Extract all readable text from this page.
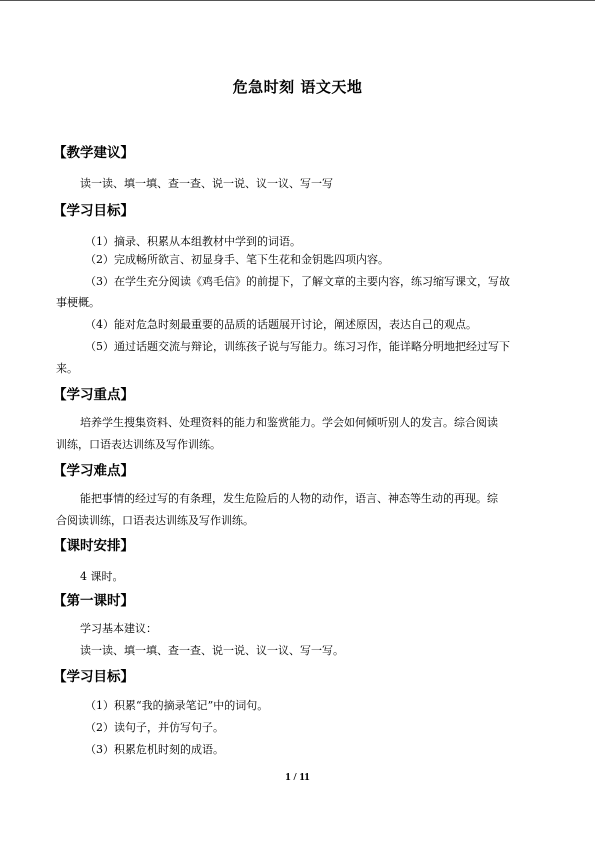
危急时刻 语文天地
【教学建议】
读一读、填一填、查一查、说一说、议一议、写一写
【学习目标】
（1）摘录、积累从本组教材中学到的词语。
（2）完成畅所欲言、初显身手、笔下生花和金钥匙四项内容。
（3）在学生充分阅读《鸡毛信》的前提下，了解文章的主要内容，练习缩写课文，写故
事梗概。
（4）能对危急时刻最重要的品质的话题展开讨论，阐述原因，表达自己的观点。
（5）通过话题交流与辩论，训练孩子说与写能力。练习习作，能详略分明地把经过写下
来。
【学习重点】
培养学生搜集资料、处理资料的能力和鉴赏能力。学会如何倾听别人的发言。综合阅读
训练，口语表达训练及写作训练。
【学习难点】
能把事情的经过写的有条理，发生危险后的人物的动作，语言、神态等生动的再现。综
合阅读训练，口语表达训练及写作训练。
【课时安排】
4 课时。
【第一课时】
学习基本建议：
读一读、填一填、查一查、说一说、议一议、写一写。
【学习目标】
（1）积累“我的摘录笔记”中的词句。
（2）读句子，并仿写句子。
（3）积累危机时刻的成语。
1 / 11
